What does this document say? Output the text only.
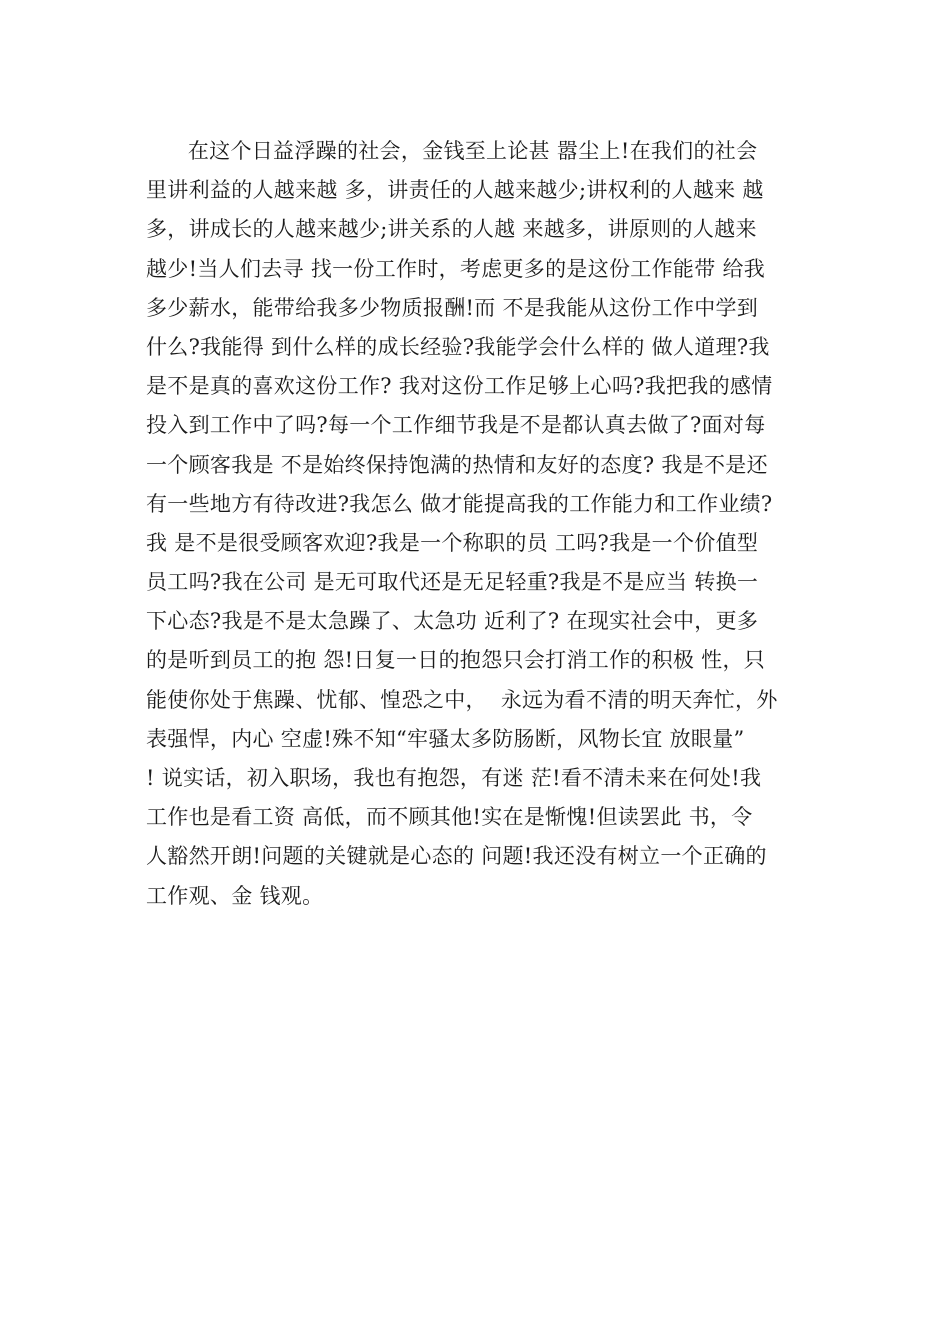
在这个日益浮躁的社会，金钱至上论甚 嚣尘上!在我们的社会
里讲利益的人越来越 多，讲责任的人越来越少;讲权利的人越来 越
多，讲成长的人越来越少;讲关系的人越 来越多，讲原则的人越来
越少!当人们去寻 找一份工作时，考虑更多的是这份工作能带 给我
多少薪水，能带给我多少物质报酬!而 不是我能从这份工作中学到
什么?我能得 到什么样的成长经验?我能学会什么样的 做人道理?我
是不是真的喜欢这份工作? 我对这份工作足够上心吗?我把我的感情
投入到工作中了吗?每一个工作细节我是不是都认真去做了?面对每
一个顾客我是 不是始终保持饱满的热情和友好的态度? 我是不是还
有一些地方有待改进?我怎么 做才能提高我的工作能力和工作业绩?
我 是不是很受顾客欢迎?我是一个称职的员 工吗?我是一个价值型
员工吗?我在公司 是无可取代还是无足轻重?我是不是应当 转换一
下心态?我是不是太急躁了、太急功 近利了? 在现实社会中，更多
的是听到员工的抱 怨!日复一日的抱怨只会打消工作的积极 性，只
能使你处于焦躁、忧郁、惶恐之中，  永远为看不清的明天奔忙，外
表强悍，内心 空虚!殊不知“牢骚太多防肠断，风物长宜 放眼量”
! 说实话，初入职场，我也有抱怨，有迷 茫!看不清未来在何处!我
工作也是看工资 高低，而不顾其他!实在是惭愧!但读罢此 书，令
人豁然开朗!问题的关键就是心态的 问题!我还没有树立一个正确的
工作观、金 钱观。
